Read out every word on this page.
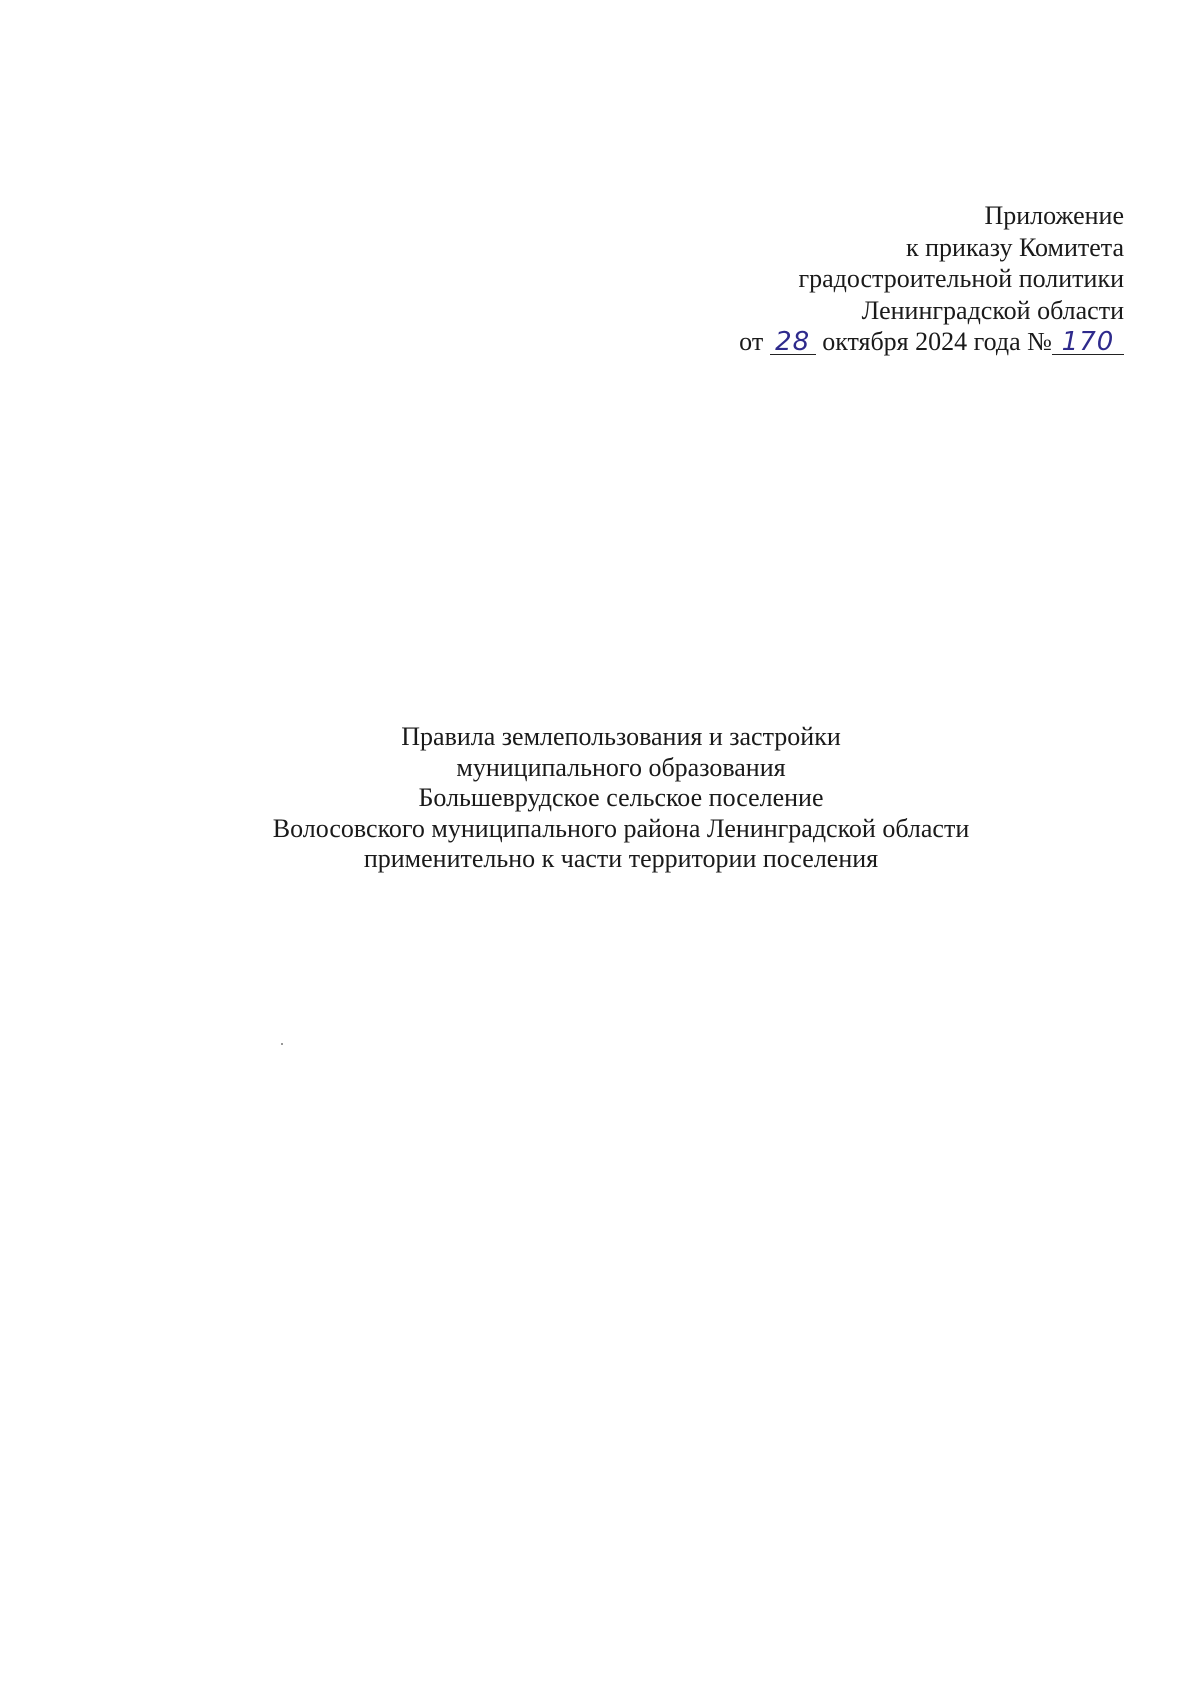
Приложение
к приказу Комитета
градостроительной политики
Ленинградской области
от 28 октября 2024 года № 170
Правила землепользования и застройки
муниципального образования
Большеврудское сельское поселение
Волосовского муниципального района Ленинградской области
применительно к части территории поселения
